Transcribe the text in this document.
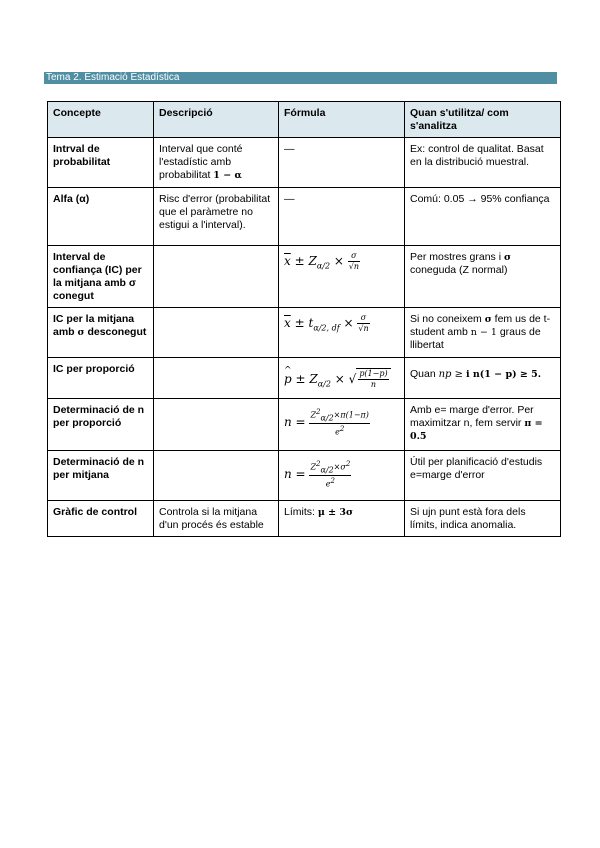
Tema 2. Estimació Estadística
Concepte	Descripció	Fórmula	Quan s'utilitza/ com s'analitza
Intrval de probabilitat	Interval que conté l'estadístic amb probabilitat 1 − α	—	Ex: control de qualitat. Basat en la distribució muestral.
Alfa (α)	Risc d'error (probabilitat que el paràmetre no estigui a l'interval).	—	Comú: 0.05 → 95% confiança
Interval de confiança (IC) per la mitjana amb σ conegut		$\overline{x} \pm Z_{\alpha/2} \times \frac{\sigma}{√n}$	Per mostres grans i σ coneguda (Z normal)
IC per la mitjana amb σ desconegut		$\overline{x} \pm t_{\alpha/2, df} \times \frac{\sigma}{√n}$	Si no coneixem σ fem us de t-student amb n − 1 graus de llibertat
IC per proporció		^ $p \pm Z_{\alpha/2}$ × √ $\frac{p(1-p)}{n}$	Quan np ≥ i n(1 − p) ≥ 5.
Determinació de n per proporció		$n = \frac{Z^2_{\alpha/2}\times\pi(1-\pi)}{e^2}$	Amb e= marge d'error. Per maximitzar n, fem servir π = 0.5
Determinació de n per mitjana		$n = \frac{Z^2_{\alpha/2}\times\sigma^2}{e^2}$	Útil per planificació d'estudis e=marge d'error
Gràfic de control	Controla si la mitjana d'un procés és estable	Límits: μ ± 3σ	Si ujn punt està fora dels límits, indica anomalia.
